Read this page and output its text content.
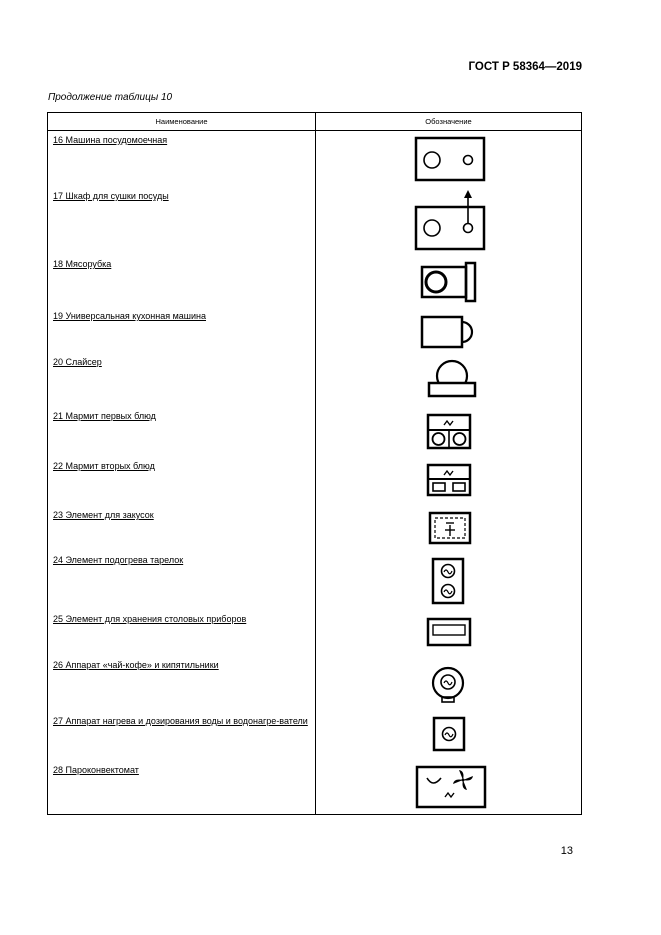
ГОСТ Р 58364—2019
Продолжение таблицы 10
Наименование	Обозначение
16 Машина посудомоечная
17 Шкаф для сушки посуды
18 Мясорубка
19 Универсальная кухонная машина
20 Слайсер
21 Мармит первых блюд
22 Мармит вторых блюд
23 Элемент для закусок
24 Элемент подогрева тарелок
25 Элемент для хранения столовых приборов
26 Аппарат «чай-кофе» и кипятильники
27 Аппарат нагрева и дозирования воды и водонагре-ватели
28 Пароконвектомат
13
